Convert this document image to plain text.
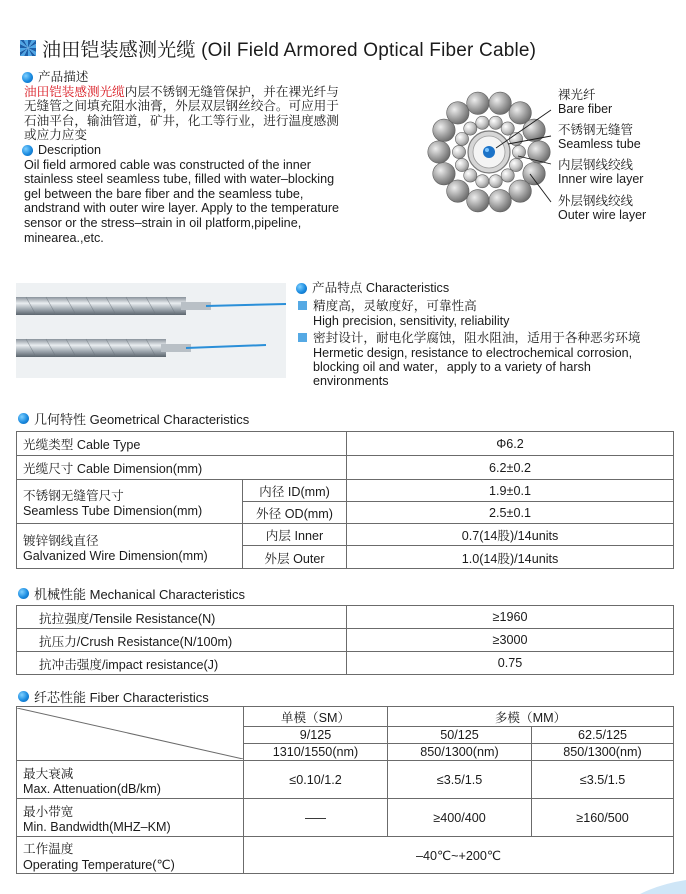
油田铠装感测光缆 (Oil Field Armored Optical Fiber Cable)
产品描述
油田铠装感测光缆内层不锈钢无缝管保护，并在裸光纤与
无缝管之间填充阻水油膏，外层双层钢丝绞合。可应用于
石油平台，输油管道，矿井，化工等行业，进行温度感测
或应力应变
Description
Oil field armored cable was constructed of the inner
stainless steel seamless tube, filled with water–blocking
gel between the bare fiber and the seamless tube,
andstrand with outer wire layer. Apply to the temperature
sensor or the stress–strain in oil platform,pipeline,
minearea.,etc.
裸光纤
Bare fiber
不锈钢无缝管
Seamless tube
内层钢线绞线
Inner wire layer
外层钢线绞线
Outer wire layer
产品特点 Characteristics
精度高，灵敏度好，可靠性高
High precision, sensitivity, reliability
密封设计，耐电化学腐蚀，阻水阻油，适用于各种恶劣环境
Hermetic design, resistance to electrochemical corrosion,
blocking oil and water，apply to a variety of harsh
environments
几何特性 Geometrical Characteristics
光缆类型 Cable Type		Φ6.2
光缆尺寸 Cable Dimension(mm)		6.2±0.2

不锈钢无缝管尺寸
Seamless Tube Dimension(mm)	内径 ID(mm)	1.9±0.1
	外径 OD(mm)	2.5±0.1

镀锌钢线直径
Galvanized Wire Dimension(mm)	内层 Inner	0.7(14股)/14units
	外层 Outer	1.0(14股)/14units
机械性能 Mechanical Characteristics
抗拉强度/Tensile Resistance(N)	≥1960
抗压力/Crush Resistance(N/100m)	≥3000
抗冲击强度/impact resistance(J)	0.75
纤芯性能 Fiber Characteristics
	单模（SM）	多模（MM）	
	9/125	50/125	62.5/125
	1310/1550(nm)	850/1300(nm)	850/1300(nm)

最大衰减
Max. Attenuation(dB/km)	≤0.10/1.2	≤3.5/1.5	≤3.5/1.5

最小带宽
Min. Bandwidth(MHZ–KM)	–––	≥400/400	≥160/500

工作温度
Operating Temperature(℃)	–40℃~+200℃		
